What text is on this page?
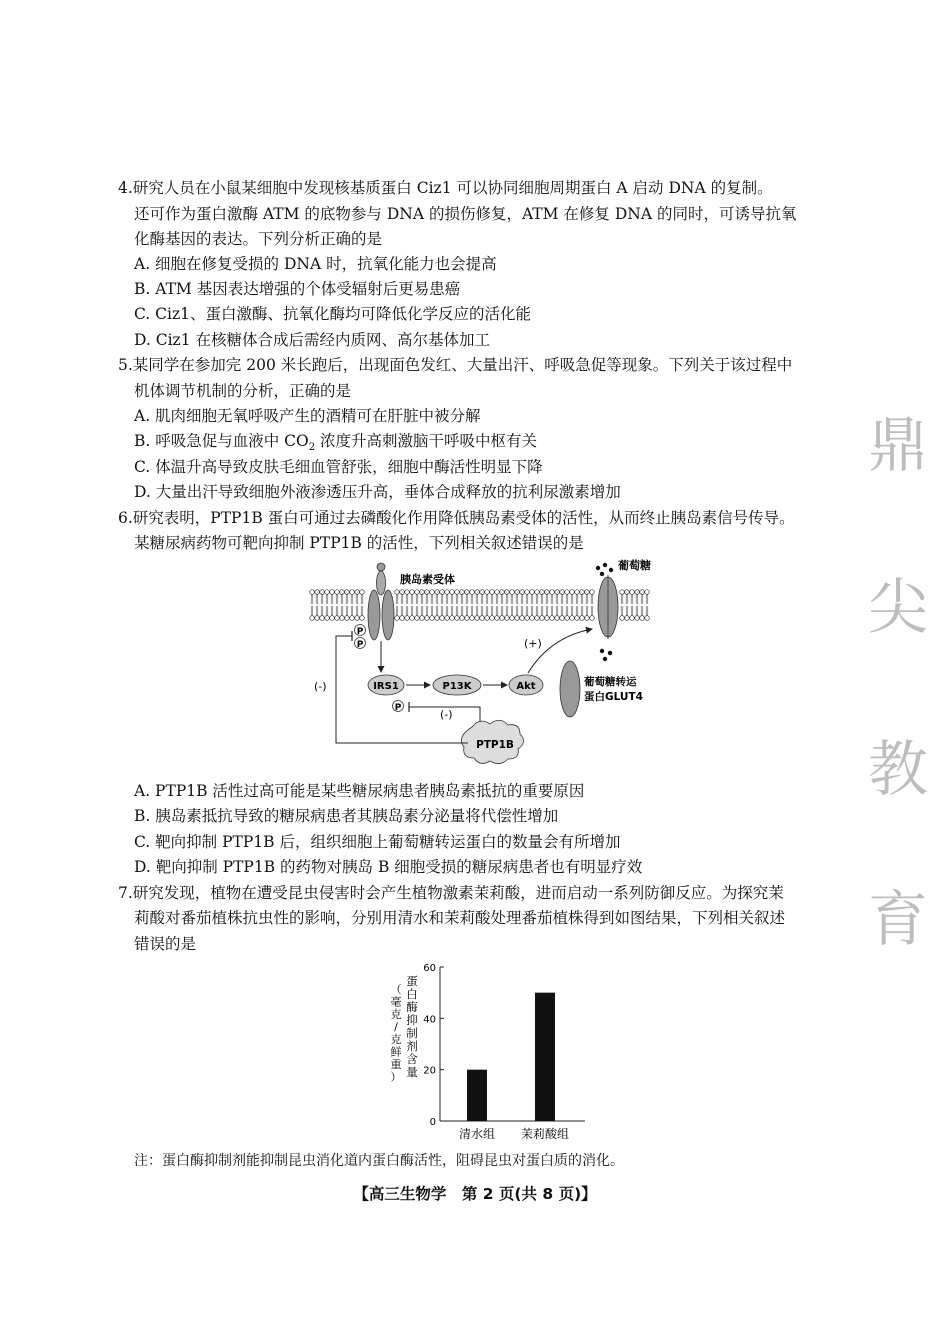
4.研究人员在小鼠某细胞中发现核基质蛋白 Ciz1 可以协同细胞周期蛋白 A 启动 DNA 的复制。
还可作为蛋白激酶 ATM 的底物参与 DNA 的损伤修复，ATM 在修复 DNA 的同时，可诱导抗氧
化酶基因的表达。下列分析正确的是
A. 细胞在修复受损的 DNA 时，抗氧化能力也会提高
B. ATM 基因表达增强的个体受辐射后更易患癌
C. Ciz1、蛋白激酶、抗氧化酶均可降低化学反应的活化能
D. Ciz1 在核糖体合成后需经内质网、高尔基体加工
5.某同学在参加完 200 米长跑后，出现面色发红、大量出汗、呼吸急促等现象。下列关于该过程中
机体调节机制的分析，正确的是
A. 肌肉细胞无氧呼吸产生的酒精可在肝脏中被分解
B. 呼吸急促与血液中 $CO_2$ 浓度升高刺激脑干呼吸中枢有关
C. 体温升高导致皮肤毛细血管舒张，细胞中酶活性明显下降
D. 大量出汗导致细胞外液渗透压升高，垂体合成释放的抗利尿激素增加
6.研究表明，PTP1B 蛋白可通过去磷酸化作用降低胰岛素受体的活性，从而终止胰岛素信号传导。
某糖尿病药物可靶向抑制 PTP1B 的活性，下列相关叙述错误的是
胰岛素受体
P
P
IRS1	P13K	Akt
(+)
葡萄糖转运
蛋白GLUT4
葡萄糖
P	(-)
PTP1B
(-)
A. PTP1B 活性过高可能是某些糖尿病患者胰岛素抵抗的重要原因
B. 胰岛素抵抗导致的糖尿病患者其胰岛素分泌量将代偿性增加
C. 靶向抑制 PTP1B 后，组织细胞上葡萄糖转运蛋白的数量会有所增加
D. 靶向抑制 PTP1B 的药物对胰岛 B 细胞受损的糖尿病患者也有明显疗效
7.研究发现，植物在遭受昆虫侵害时会产生植物激素茉莉酸，进而启动一系列防御反应。为探究茉
莉酸对番茄植株抗虫性的影响，分别用清水和茉莉酸处理番茄植株得到如图结果，下列相关叙述
错误的是
蛋
白
酶
抑
制
剂
含
量
（
毫
克
/
克
鲜
重
）
0
20
40
60
清水组 茉莉酸组
注：蛋白酶抑制剂能抑制昆虫消化道内蛋白酶活性，阻碍昆虫对蛋白质的消化。
鼎
尖
教
育
【高三生物学　第 2 页(共 8 页)】
